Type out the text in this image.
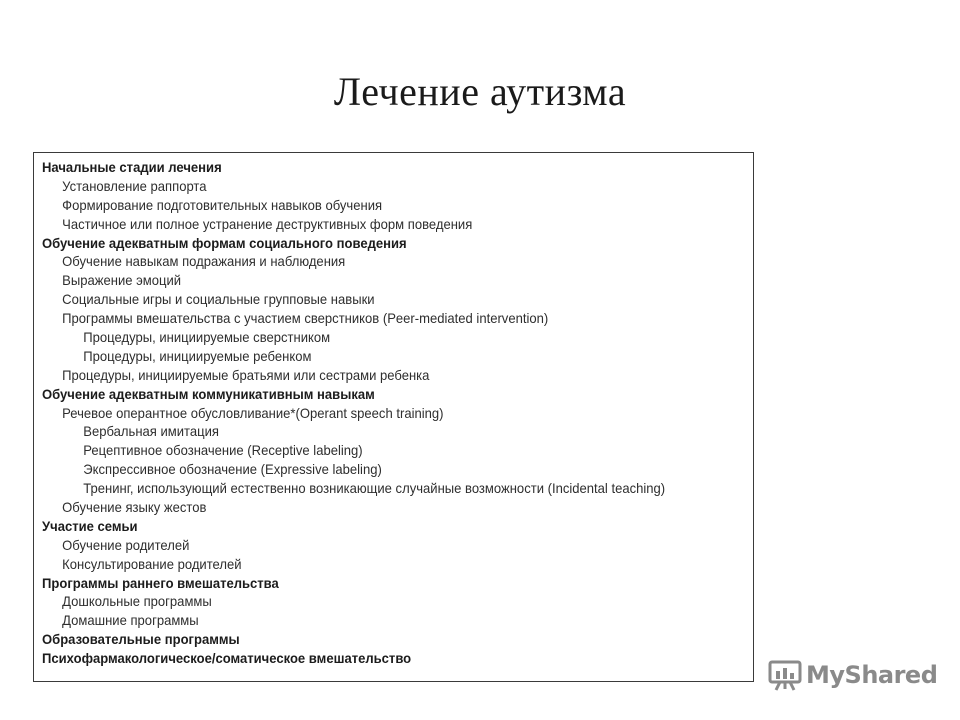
Лечение аутизма
Начальные стадии лечения
Установление раппорта
Формирование подготовительных навыков обучения
Частичное или полное устранение деструктивных форм поведения
Обучение адекватным формам социального поведения
Обучение навыкам подражания и наблюдения
Выражение эмоций
Социальные игры и социальные групповые навыки
Программы вмешательства с участием сверстников (Peer-mediated intervention)
Процедуры, инициируемые сверстником
Процедуры, инициируемые ребенком
Процедуры, инициируемые братьями или сестрами ребенка
Обучение адекватным коммуникативным навыкам
Речевое оперантное обусловливание*(Operant speech training)
Вербальная имитация
Рецептивное обозначение (Receptive labeling)
Экспрессивное обозначение (Expressive labeling)
Тренинг, использующий естественно возникающие случайные возможности (Incidental teaching)
Обучение языку жестов
Участие семьи
Обучение родителей
Консультирование родителей
Программы раннего вмешательства
Дошкольные программы
Домашние программы
Образовательные программы
Психофармакологическое/соматическое вмешательство
MyShared
